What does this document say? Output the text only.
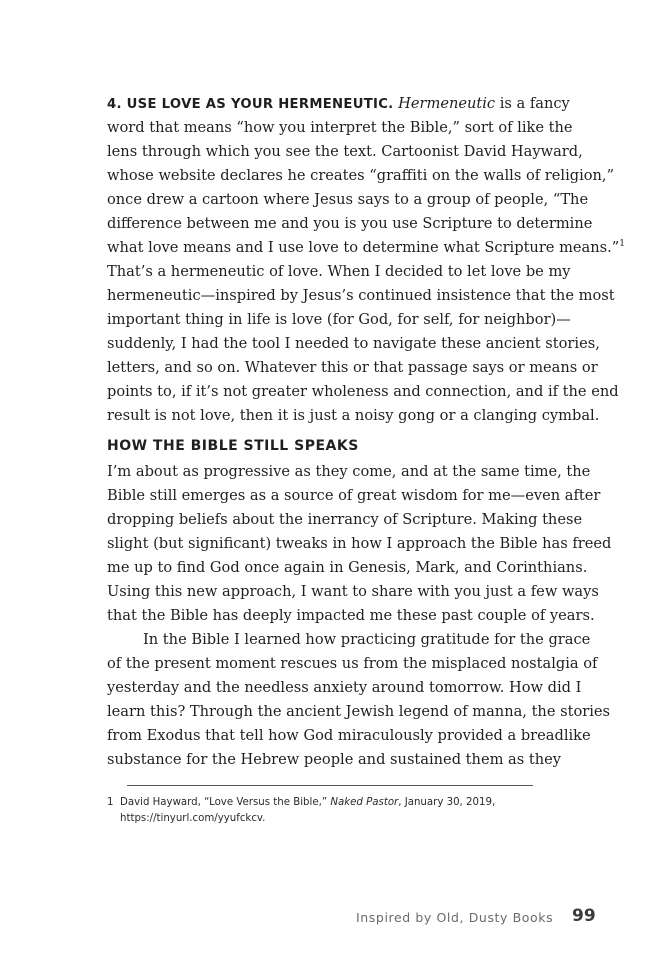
4. USE LOVE AS YOUR HERMENEUTIC. Hermeneutic is a fancy
word that means “how you interpret the Bible,” sort of like the
lens through which you see the text. Cartoonist David Hayward,
whose website declares he creates “graffiti on the walls of religion,”
once drew a cartoon where Jesus says to a group of people, “The
difference between me and you is you use Scripture to determine
what love means and I use love to determine what Scripture means.”$^1$
That’s a hermeneutic of love. When I decided to let love be my
hermeneutic—inspired by Jesus’s continued insistence that the most
important thing in life is love (for God, for self, for neighbor)—
suddenly, I had the tool I needed to navigate these ancient stories,
letters, and so on. Whatever this or that passage says or means or
points to, if it’s not greater wholeness and connection, and if the end
result is not love, then it is just a noisy gong or a clanging cymbal.
HOW THE BIBLE STILL SPEAKS
I’m about as progressive as they come, and at the same time, the
Bible still emerges as a source of great wisdom for me—even after
dropping beliefs about the inerrancy of Scripture. Making these
slight (but significant) tweaks in how I approach the Bible has freed
me up to find God once again in Genesis, Mark, and Corinthians.
Using this new approach, I want to share with you just a few ways
that the Bible has deeply impacted me these past couple of years.
In the Bible I learned how practicing gratitude for the grace
of the present moment rescues us from the misplaced nostalgia of
yesterday and the needless anxiety around tomorrow. How did I
learn this? Through the ancient Jewish legend of manna, the stories
from Exodus that tell how God miraculously provided a breadlike
substance for the Hebrew people and sustained them as they
1 David Hayward, “Love Versus the Bible,” Naked Pastor, January 30, 2019,
https://tinyurl.com/yyufckcv.
Inspired by Old, Dusty Books 99
